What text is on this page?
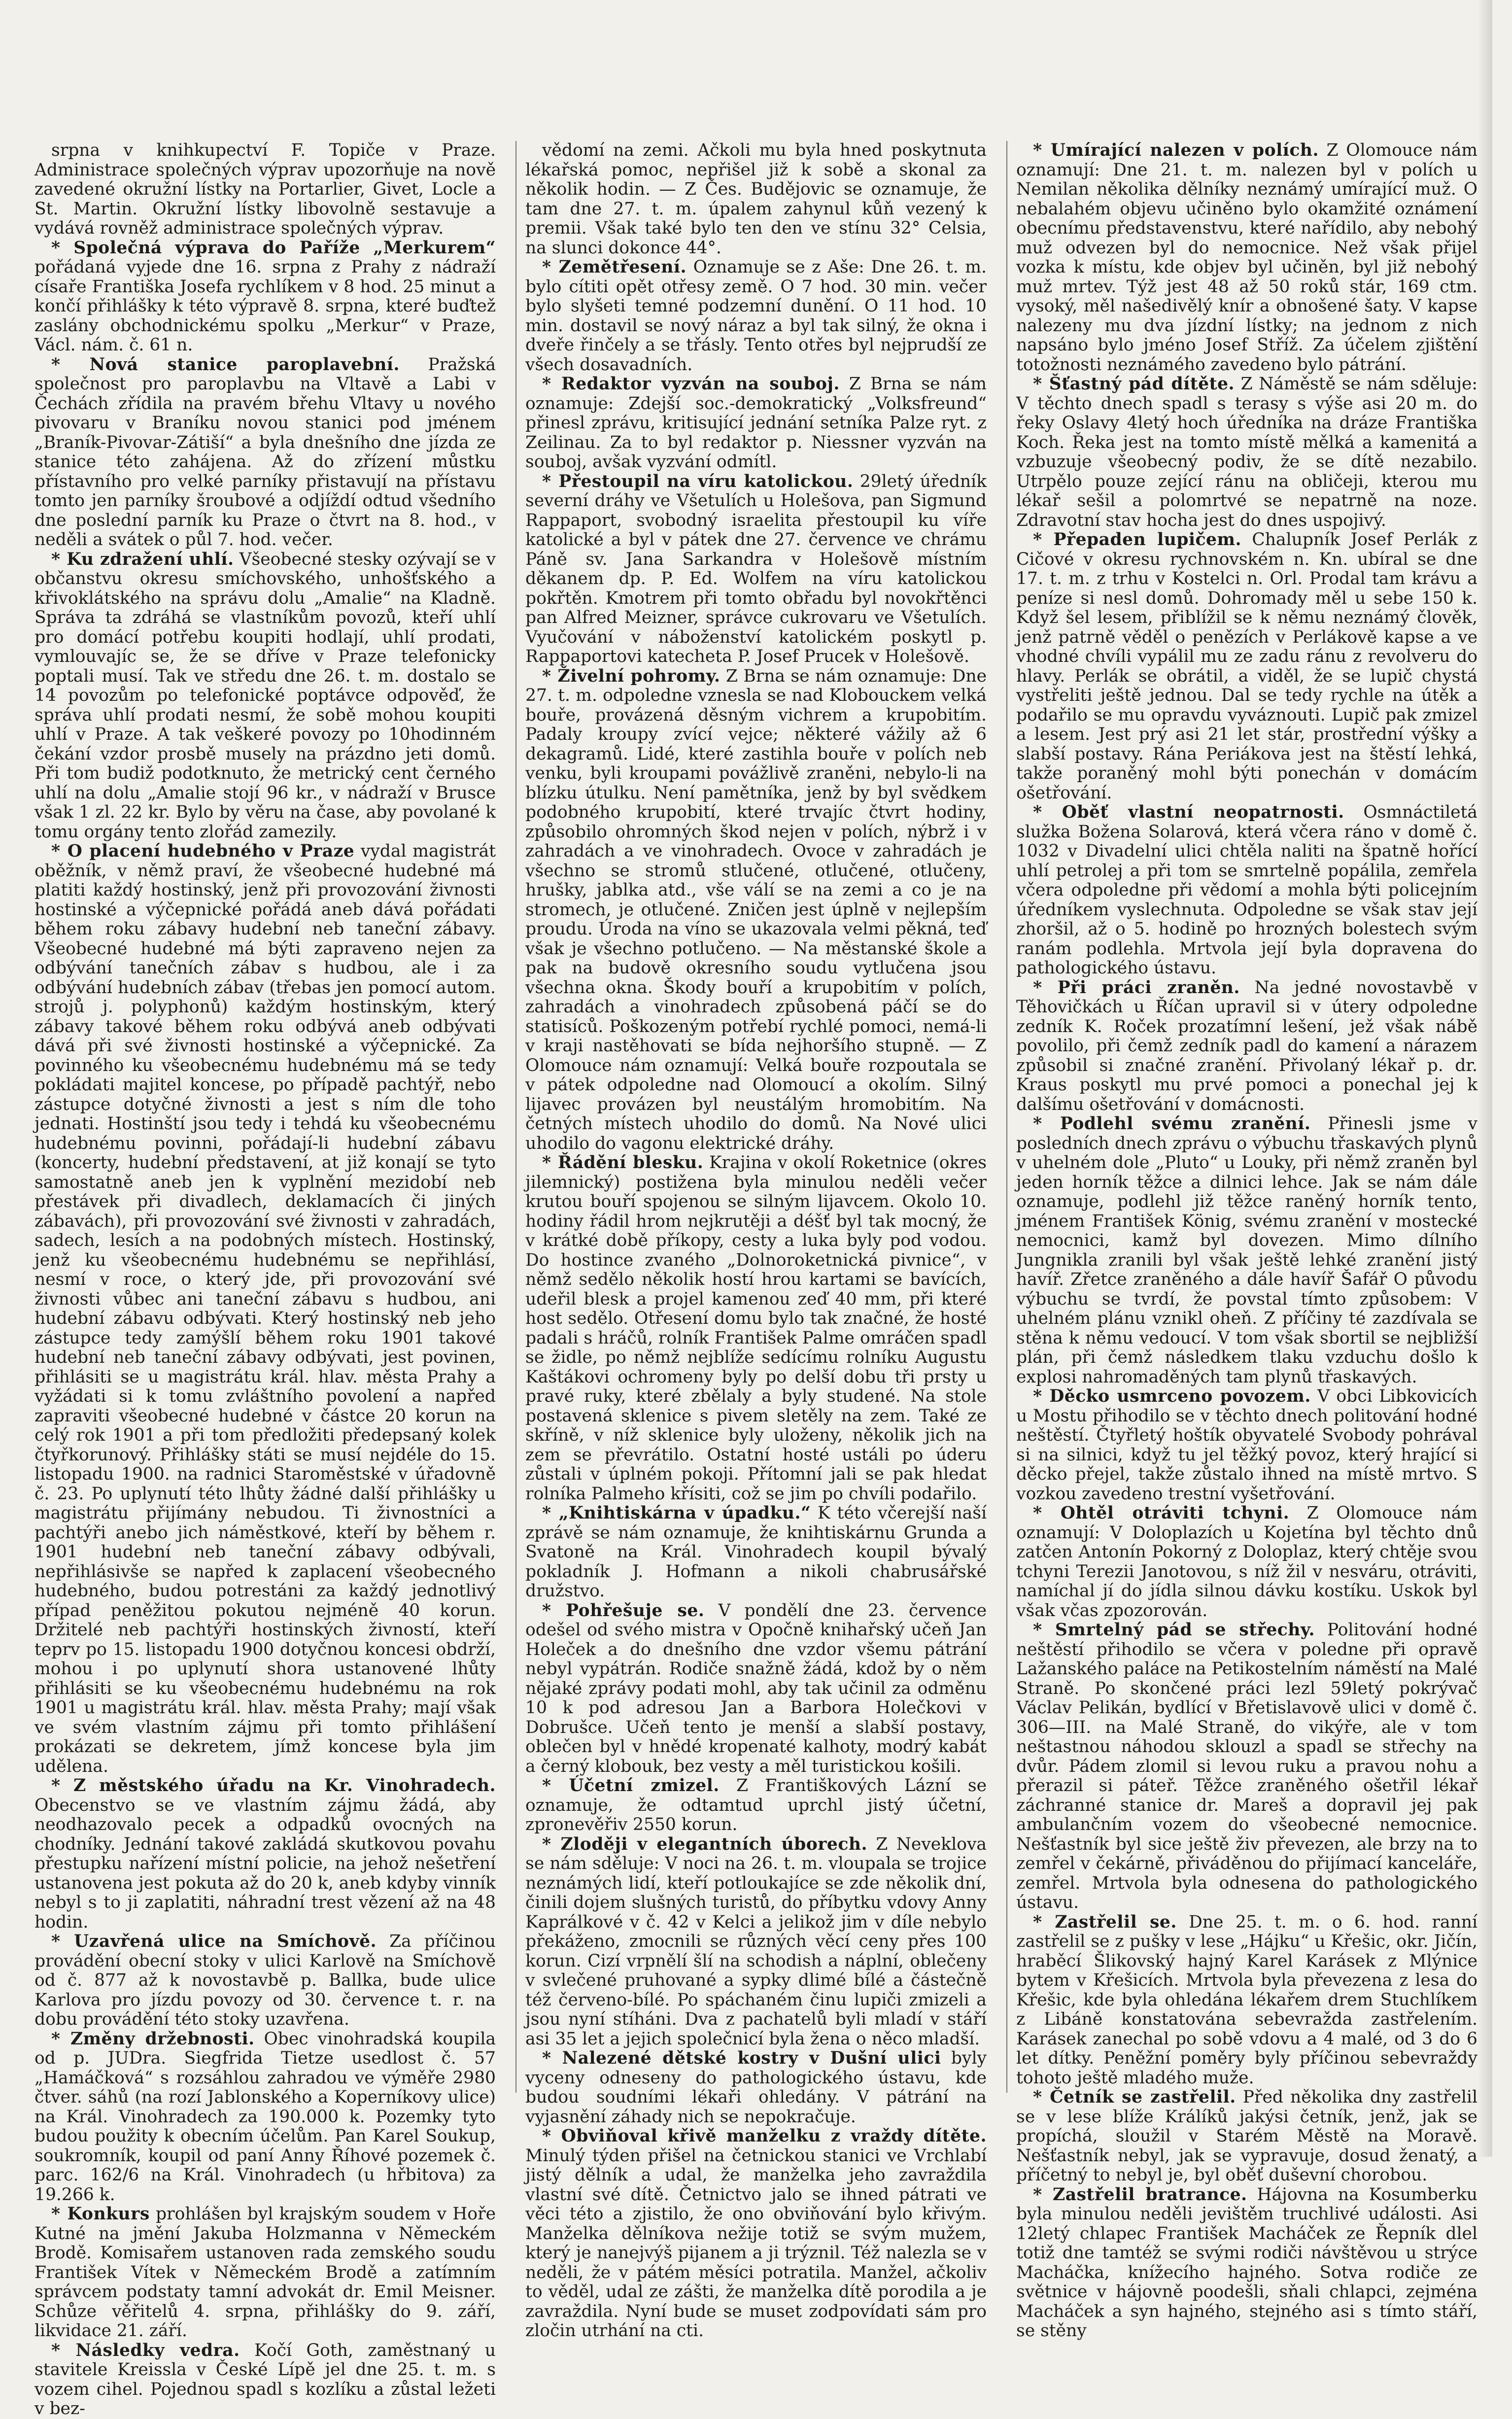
srpna v knihkupectví F. Topiče v Praze. Administrace společných výprav upozorňuje na nově zavedené okružní lístky na Portarlier, Givet, Locle a St. Martin. Okružní lístky libovolně sestavuje a vydává rovněž administrace společných výprav.

* Společná výprava do Paříže „Merkurem“ pořádaná vyjede dne 16. srpna z Prahy z nádraží císaře Františka Josefa rychlíkem v 8 hod. 25 minut a končí přihlášky k této výpravě 8. srpna, které buďtež zaslány obchodnickému spolku „Merkur“ v Praze, Václ. nám. č. 61 n.

* Nová stanice paroplavební. Pražská společnost pro paroplavbu na Vltavě a Labi v Čechách zřídila na pravém břehu Vltavy u nového pivovaru v Braníku novou stanici pod jménem „Braník-Pivovar-Zátiší“ a byla dnešního dne jízda ze stanice této zahájena. Až do zřízení můstku přístavního pro velké parníky přistavují na přístavu tomto jen parníky šroubové a odjíždí odtud všedního dne poslední parník ku Praze o čtvrt na 8. hod., v neděli a svátek o půl 7. hod. večer.

* Ku zdražení uhlí. Všeobecné stesky ozývají se v občanstvu okresu smíchovského, unhošťského a křivoklátského na správu dolu „Amalie“ na Kladně. Správa ta zdráhá se vlastníkům povozů, kteří uhlí pro domácí potřebu koupiti hodlají, uhlí prodati, vymlouvajíc se, že se dříve v Praze telefonicky poptali musí. Tak ve středu dne 26. t. m. dostalo se 14 povozům po telefonické poptávce odpověď, že správa uhlí prodati nesmí, že sobě mohou koupiti uhlí v Praze. A tak veškeré povozy po 10hodinném čekání vzdor prosbě musely na prázdno jeti domů. Při tom budiž podotknuto, že metrický cent černého uhlí na dolu „Amalie stojí 96 kr., v nádraží v Brusce však 1 zl. 22 kr. Bylo by věru na čase, aby povolané k tomu orgány tento zlořád zamezily.

* O placení hudebného v Praze vydal magistrát oběžník, v němž praví, že všeobecné hudebné má platiti každý hostinský, jenž při provozování živnosti hostinské a výčepnické pořádá aneb dává pořádati během roku zábavy hudební neb taneční zábavy. Všeobecné hudebné má býti zapraveno nejen za odbývání tanečních zábav s hudbou, ale i za odbývání hudebních zábav (třebas jen pomocí autom. strojů j. polyphonů) každým hostinským, který zábavy takové během roku odbývá aneb odbývati dává při své živnosti hostinské a výčepnické. Za povinného ku všeobecnému hudebnému má se tedy pokládati majitel koncese, po případě pachtýř, nebo zástupce dotyčné živnosti a jest s ním dle toho jednati. Hostinští jsou tedy i tehdá ku všeobecnému hudebnému povinni, pořádají-li hudební zábavu (koncerty, hudební představení, at již konají se tyto samostatně aneb jen k vyplnění mezidobí neb přestávek při divadlech, deklamacích či jiných zábavách), při provozování své živnosti v zahradách, sadech, lesích a na podobných místech. Hostinský, jenž ku všeobecnému hudebnému se nepřihlásí, nesmí v roce, o který jde, při provozování své živnosti vůbec ani taneční zábavu s hudbou, ani hudební zábavu odbývati. Který hostinský neb jeho zástupce tedy zamýšlí během roku 1901 takové hudební neb taneční zábavy odbývati, jest povinen, přihlásiti se u magistrátu král. hlav. města Prahy a vyžádati si k tomu zvláštního povolení a napřed zapraviti všeobecné hudebné v částce 20 korun na celý rok 1901 a při tom předložiti předepsaný kolek čtyřkorunový. Přihlášky státi se musí nejdéle do 15. listopadu 1900. na radnici Staroměstské v úřadovně č. 23. Po uplynutí této lhůty žádné další přihlášky u magistrátu přijímány nebudou. Ti živnostníci a pachtýři anebo jich náměstkové, kteří by během r. 1901 hudební neb taneční zábavy odbývali, nepřihlásivše se napřed k zaplacení všeobecného hudebného, budou potrestáni za každý jednotlivý případ peněžitou pokutou nejméně 40 korun. Držitelé neb pachtýři hostinských živností, kteří teprv po 15. listopadu 1900 dotyčnou koncesi obdrží, mohou i po uplynutí shora ustanovené lhůty přihlásiti se ku všeobecnému hudebnému na rok 1901 u magistrátu král. hlav. města Prahy; mají však ve svém vlastním zájmu při tomto přihlášení prokázati se dekretem, jímž koncese byla jim udělena.

* Z městského úřadu na Kr. Vinohradech. Obecenstvo se ve vlastním zájmu žádá, aby neodhazovalo pecek a odpadků ovocných na chodníky. Jednání takové zakládá skutkovou povahu přestupku nařízení místní policie, na jehož nešetření ustanovena jest pokuta až do 20 k, aneb kdyby vinník nebyl s to ji zaplatiti, náhradní trest vězení až na 48 hodin.

* Uzavřená ulice na Smíchově. Za příčinou provádění obecní stoky v ulici Karlově na Smíchově od č. 877 až k novostavbě p. Ballka, bude ulice Karlova pro jízdu povozy od 30. července t. r. na dobu provádění této stoky uzavřena.

* Změny držebnosti. Obec vinohradská koupila od p. JUDra. Siegfrida Tietze usedlost č. 57 „Hamáčková“ s rozsáhlou zahradou ve výměře 2980 čtver. sáhů (na rozí Jablonského a Koperníkovy ulice) na Král. Vinohradech za 190.000 k. Pozemky tyto budou použity k obecním účelům. Pan Karel Soukup, soukromník, koupil od paní Anny Říhové pozemek č. parc. 162/6 na Král. Vinohradech (u hřbitova) za 19.266 k.

* Konkurs prohlášen byl krajským soudem v Hoře Kutné na jmění Jakuba Holzmanna v Německém Brodě. Komisařem ustanoven rada zemského soudu František Vítek v Německém Brodě a zatímním správcem podstaty tamní advokát dr. Emil Meisner. Schůze věřitelů 4. srpna, přihlášky do 9. září, likvidace 21. září.

* Následky vedra. Kočí Goth, zaměstnaný u stavitele Kreissla v České Lípě jel dne 25. t. m. s vozem cihel. Pojednou spadl s kozlíku a zůstal ležeti v bez-

vědomí na zemi. Ačkoli mu byla hned poskytnuta lékařská pomoc, nepřišel již k sobě a skonal za několik hodin. — Z Čes. Budějovic se oznamuje, že tam dne 27. t. m. úpalem zahynul kůň vezený k premii. Však také bylo ten den ve stínu 32° Celsia, na slunci dokonce 44°.

* Zemětřesení. Oznamuje se z Aše: Dne 26. t. m. bylo cítiti opět otřesy země. O 7 hod. 30 min. večer bylo slyšeti temné podzemní dunění. O 11 hod. 10 min. dostavil se nový náraz a byl tak silný, že okna i dveře řinčely a se třásly. Tento otřes byl nejprudší ze všech dosavadních.

* Redaktor vyzván na souboj. Z Brna se nám oznamuje: Zdejší soc.-demokratický „Volksfreund“ přinesl zprávu, kritisující jednání setníka Palze ryt. z Zeilinau. Za to byl redaktor p. Niessner vyzván na souboj, avšak vyzvání odmítl.

* Přestoupil na víru katolickou. 29letý úředník severní dráhy ve Všetulích u Holešova, pan Sigmund Rappaport, svobodný israelita přestoupil ku víře katolické a byl v pátek dne 27. července ve chrámu Páně sv. Jana Sarkandra v Holešově místním děkanem dp. P. Ed. Wolfem na víru katolickou pokřtěn. Kmotrem při tomto obřadu byl novokřtěnci pan Alfred Meizner, správce cukrovaru ve Všetulích. Vyučování v náboženství katolickém poskytl p. Rappaportovi katecheta P. Josef Prucek v Holešově.

* Živelní pohromy. Z Brna se nám oznamuje: Dne 27. t. m. odpoledne vznesla se nad Klobouckem velká bouře, provázená děsným vichrem a krupobitím. Padaly kroupy zvící vejce; některé vážily až 6 dekagramů. Lidé, které zastihla bouře v polích neb venku, byli kroupami povážlivě zraněni, nebylo-li na blízku útulku. Není pamětníka, jenž by byl svědkem podobného krupobití, které trvajíc čtvrt hodiny, způsobilo ohromných škod nejen v polích, nýbrž i v zahradách a ve vinohradech. Ovoce v zahradách je všechno se stromů stlučené, otlučené, otlučeny, hrušky, jablka atd., vše válí se na zemi a co je na stromech, je otlučené. Zničen jest úplně v nejlepším proudu. Úroda na víno se ukazovala velmi pěkná, teď však je všechno potlučeno. — Na městanské škole a pak na budově okresního soudu vytlučena jsou všechna okna. Škody bouří a krupobitím v polích, zahradách a vinohradech způsobená páčí se do statisíců. Poškozeným potřebí rychlé pomoci, nemá-li v kraji nastěhovati se bída nejhoršího stupně. — Z Olomouce nám oznamují: Velká bouře rozpoutala se v pátek odpoledne nad Olomoucí a okolím. Silný lijavec provázen byl neustálým hromobitím. Na četných místech uhodilo do domů. Na Nové ulici uhodilo do vagonu elektrické dráhy.

* Řádění blesku. Krajina v okolí Roketnice (okres jilemnický) postižena byla minulou neděli večer krutou bouří spojenou se silným lijavcem. Okolo 10. hodiny řádil hrom nejkrutěji a déšť byl tak mocný, že v krátké době příkopy, cesty a luka byly pod vodou. Do hostince zvaného „Dolnoroketnická pivnice“, v němž sedělo několik hostí hrou kartami se bavících, udeřil blesk a projel kamenou zeď 40 mm, při které host sedělo. Otřesení domu bylo tak značné, že hosté padali s hráčů, rolník František Palme omráčen spadl se židle, po němž nejblíže sedícímu rolníku Augustu Kaštákovi ochromeny byly po delší dobu tři prsty u pravé ruky, které zbělaly a byly studené. Na stole postavená sklenice s pivem sletěly na zem. Také ze skříně, v níž sklenice byly uloženy, několik jich na zem se převrátilo. Ostatní hosté ustáli po úderu zůstali v úplném pokoji. Přítomní jali se pak hledat rolníka Palmeho křísiti, což se jim po chvíli podařilo.

* „Knihtiskárna v úpadku.“ K této včerejší naší zprávě se nám oznamuje, že knihtiskárnu Grunda a Svatoně na Král. Vinohradech koupil bývalý pokladník J. Hofmann a nikoli chabrusářské družstvo.

* Pohřešuje se. V pondělí dne 23. července odešel od svého mistra v Opočně knihařský učeň Jan Holeček a do dnešního dne vzdor všemu pátrání nebyl vypátrán. Rodiče snažně žádá, kdož by o něm nějaké zprávy podati mohl, aby tak učinil za odměnu 10 k pod adresou Jan a Barbora Holečkovi v Dobrušce. Učeň tento je menší a slabší postavy, oblečen byl v hnědé kropenaté kalhoty, modrý kabát a černý klobouk, bez vesty a měl turistickou košili.

* Účetní zmizel. Z Františkových Lázní se oznamuje, že odtamtud uprchl jistý účetní, zpronevěřiv 2550 korun.

* Zloději v elegantních úborech. Z Neveklova se nám sděluje: V noci na 26. t. m. vloupala se trojice neznámých lidí, kteří potloukajíce se zde několik dní, činili dojem slušných turistů, do příbytku vdovy Anny Kaprálkové v č. 42 v Kelci a jelikož jim v díle nebylo překáženo, zmocnili se různých věcí ceny přes 100 korun. Cizí vrpnělí šlí na schodish a náplní, oblečeny v svlečené pruhované a sypky dlimé bílé a částečně též červeno-bílé. Po spáchaném činu lupiči zmizeli a jsou nyní stíháni. Dva z pachatelů byli mladí v stáří asi 35 let a jejich společnicí byla žena o něco mladší.

* Nalezené dětské kostry v Dušní ulici byly vyceny odneseny do pathologického ústavu, kde budou soudními lékaři ohledány. V pátrání na vyjasnění záhady nich se nepokračuje.

* Obviňoval křivě manželku z vraždy dítěte. Minulý týden přišel na četnickou stanici ve Vrchlabí jistý dělník a udal, že manželka jeho zavraždila vlastní své dítě. Četnictvo jalo se ihned pátrati ve věci této a zjistilo, že ono obviňování bylo křivým. Manželka dělníkova nežije totiž se svým mužem, který je nanejvýš pijanem a ji trýznil. Též nalezla se v neděli, že v pátém měsíci potratila. Manžel, ačkoliv to věděl, udal ze zášti, že manželka dítě porodila a je zavraždila. Nyní bude se muset zodpovídati sám pro zločin utrhání na cti.

* Umírající nalezen v polích. Z Olomouce nám oznamují: Dne 21. t. m. nalezen byl v polích u Nemilan několika dělníky neznámý umírající muž. O nebalahém objevu učiněno bylo okamžité oznámení obecnímu představenstvu, které nařídilo, aby nebohý muž odvezen byl do nemocnice. Než však přijel vozka k místu, kde objev byl učiněn, byl již nebohý muž mrtev. Týž jest 48 až 50 roků stár, 169 ctm. vysoký, měl našedivělý knír a obnošené šaty. V kapse nalezeny mu dva jízdní lístky; na jednom z nich napsáno bylo jméno Josef Stříž. Za účelem zjištění totožnosti neznámého zavedeno bylo pátrání.

* Šťastný pád dítěte. Z Náměstě se nám sděluje: V těchto dnech spadl s terasy s výše asi 20 m. do řeky Oslavy 4letý hoch úředníka na dráze Františka Koch. Řeka jest na tomto místě mělká a kamenitá a vzbuzuje všeobecný podiv, že se dítě nezabilo. Utrpělo pouze zející ránu na obličeji, kterou mu lékař sešil a polomrtvé se nepatrně na noze. Zdravotní stav hocha jest do dnes uspojivý.

* Přepaden lupičem. Chalupník Josef Perlák z Cičové v okresu rychnovském n. Kn. ubíral se dne 17. t. m. z trhu v Kostelci n. Orl. Prodal tam krávu a peníze si nesl domů. Dohromady měl u sebe 150 k. Když šel lesem, přiblížil se k němu neznámý člověk, jenž patrně věděl o penězích v Perlákově kapse a ve vhodné chvíli vypálil mu ze zadu ránu z revolveru do hlavy. Perlák se obrátil, a viděl, že se lupič chystá vystřeliti ještě jednou. Dal se tedy rychle na útěk a podařilo se mu opravdu vyváznouti. Lupič pak zmizel a lesem. Jest prý asi 21 let stár, prostřední výšky a slabší postavy. Rána Periákova jest na štěstí lehká, takže poraněný mohl býti ponechán v domácím ošetřování.

* Oběť vlastní neopatrnosti. Osmnáctiletá služka Božena Solarová, která včera ráno v domě č. 1032 v Divadelní ulici chtěla naliti na špatně hořící uhlí petrolej a při tom se smrtelně popálila, zemřela včera odpoledne při vědomí a mohla býti policejním úředníkem vyslechnuta. Odpoledne se však stav její zhoršil, až o 5. hodině po hrozných bolestech svým ranám podlehla. Mrtvola její byla dopravena do pathologického ústavu.

* Při práci zraněn. Na jedné novostavbě v Těhovičkách u Říčan upravil si v útery odpoledne zedník K. Roček prozatímní lešení, jež však nábě povolilo, při čemž zedník padl do kamení a nárazem způsobil si značné zranění. Přivolaný lékař p. dr. Kraus poskytl mu prvé pomoci a ponechal jej k dalšímu ošetřování v domácnosti.

* Podlehl svému zranění. Přinesli jsme v posledních dnech zprávu o výbuchu třaskavých plynů v uhelném dole „Pluto“ u Louky, při němž zraněn byl jeden horník těžce a dilnici lehce. Jak se nám dále oznamuje, podlehl již těžce raněný horník tento, jménem František König, svému zranění v mostecké nemocnici, kamž byl dovezen. Mimo dílníhо Jungnikla zranili byl však ještě lehké zranění jistý havíř. Zřetce zraněného a dále havíř Šafář O původu výbuchu se tvrdí, že povstal tímto způsobem: V uhelném plánu vznikl oheň. Z příčiny té zazdívala se stěna k němu vedoucí. V tom však sbortil se nejbližší plán, při čemž následkem tlaku vzduchu došlo k explosi nahromaděných tam plynů třaskavých.

* Děcko usmrceno povozem. V obci Libkovicích u Mostu přihodilo se v těchto dnech politování hodné neštěstí. Čtyřletý hoštík obyvatelé Svobody pohrával si na silnici, když tu jel těžký povoz, který hrající si děcko přejel, takže zůstalo ihned na místě mrtvo. S vozkou zavedeno trestní vyšetřování.

* Ohtěl otráviti tchyni. Z Olomouce nám oznamují: V Doloplazích u Kojetína byl těchto dnů zatčen Antonín Pokorný z Doloplaz, který chtěje svou tchyni Terezii Janotovou, s níž žil v nesváru, otráviti, namíchal jí do jídla silnou dávku kostíku. Uskok byl však včas zpozorován.

* Smrtelný pád se střechy. Politování hodné neštěstí přihodilo se včera v poledne při opravě Lažanského paláce na Petikostelním náměstí na Malé Straně. Po skončené práci lezl 59letý pokrývač Václav Pelikán, bydlící v Břetislavově ulici v domě č. 306—III. na Malé Straně, do vikýře, ale v tom neštastnou náhodou sklouzl a spadl se střechy na dvůr. Pádem zlomil si levou ruku a pravou nohu a přerazil si páteř. Těžce zraněného ošetřil lékař záchranné stanice dr. Mareš a dopravil jej pak ambulančním vozem do všeobecné nemocnice. Nešťastník byl sice ještě živ převezen, ale brzy na to zemřel v čekárně, přiváděnou do přijímací kanceláře, zemřel. Mrtvola byla odnesena do pathologického ústavu.

* Zastřelil se. Dne 25. t. m. o 6. hod. ranní zastřelil se z pušky v lese „Hájku“ u Křešic, okr. Jičín, hraběcí Šlikovský hajný Karel Karásek z Mlýnice bytem v Křešicích. Mrtvola byla převezena z lesa do Křešic, kde byla ohledána lékařem drem Stuchlíkem z Libáně konstatována sebevražda zastřelením. Karásek zanechal po sobě vdovu a 4 malé, od 3 do 6 let dítky. Peněžní poměry byly příčinou sebevraždy tohoto ještě mladého muže.

* Četník se zastřelil. Před několika dny zastřelil se v lese blíže Králíků jakýsi četník, jenž, jak se propíchá, sloužil v Starém Městě na Moravě. Nešťastník nebyl, jak se vypravuje, dosud ženatý, a příčetný to nebyl je, byl oběť duševní chorobou.

* Zastřelil bratrance. Hájovna na Kosumberku byla minulou neděli jevištěm truchlivé události. Asi 12letý chlapec František Macháček ze Řepník dlel totiž dne tamtéž se svými rodiči návštěvou u strýce Macháčka, knížecího hajného. Sotva rodiče ze světnice v hájovně poodešli, sňali chlapci, zejména Macháček a syn hajného, stejného asi s tímto stáří, se stěny
